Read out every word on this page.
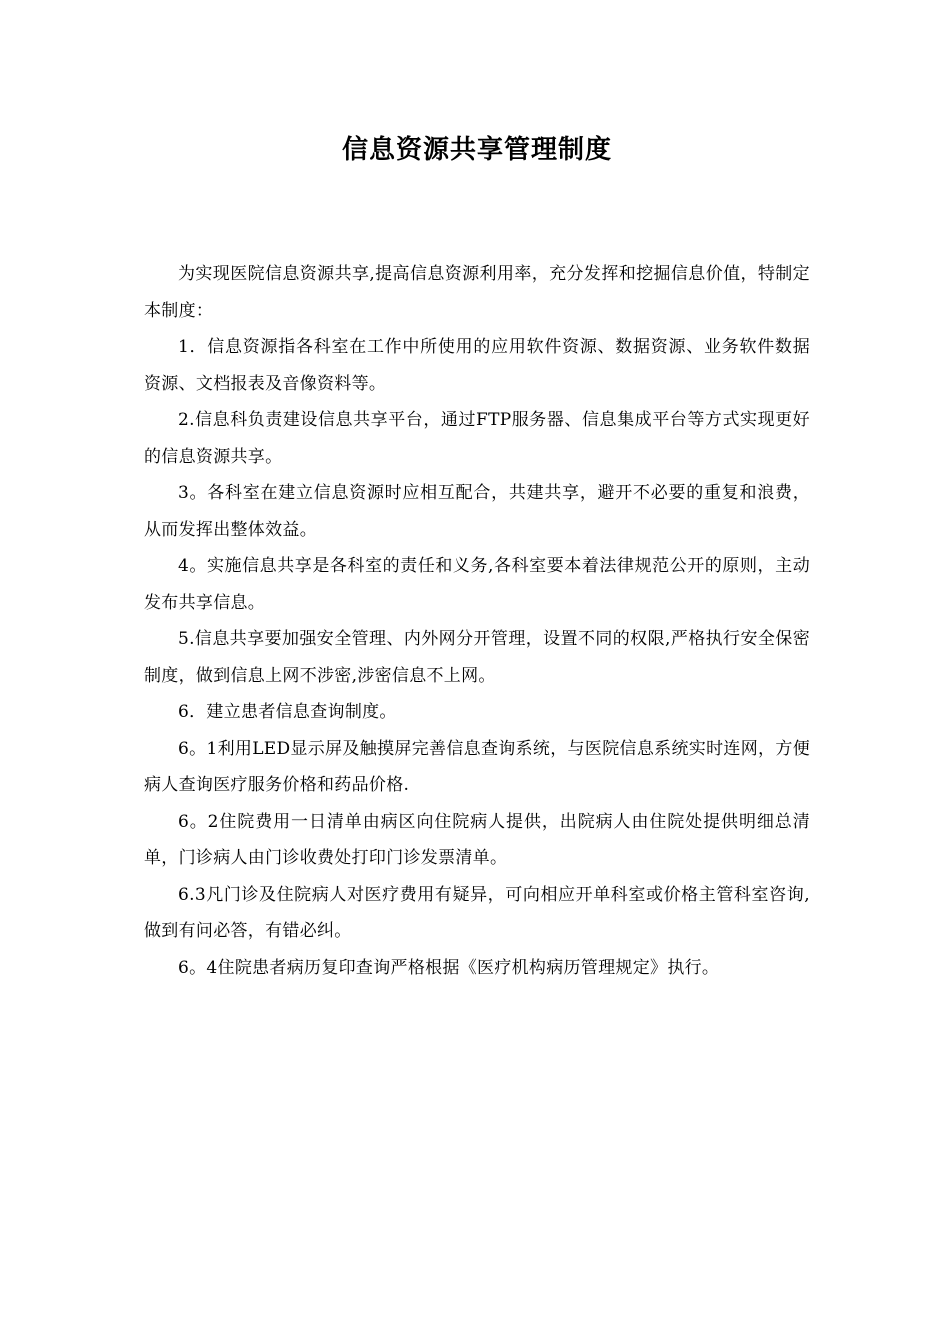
信息资源共享管理制度

为实现医院信息资源共享,提高信息资源利用率，充分发挥和挖掘信息价值，特制定本制度：

1．信息资源指各科室在工作中所使用的应用软件资源、数据资源、业务软件数据资源、文档报表及音像资料等。

2.信息科负责建设信息共享平台，通过FTP服务器、信息集成平台等方式实现更好的信息资源共享。

3。各科室在建立信息资源时应相互配合，共建共享，避开不必要的重复和浪费，从而发挥出整体效益。

4。实施信息共享是各科室的责任和义务,各科室要本着法律规范公开的原则，主动发布共享信息。

5.信息共享要加强安全管理、内外网分开管理，设置不同的权限,严格执行安全保密制度，做到信息上网不涉密,涉密信息不上网。

6．建立患者信息查询制度。

6。1利用LED显示屏及触摸屏完善信息查询系统，与医院信息系统实时连网，方便病人查询医疗服务价格和药品价格.

6。2住院费用一日清单由病区向住院病人提供，出院病人由住院处提供明细总清单，门诊病人由门诊收费处打印门诊发票清单。

6.3凡门诊及住院病人对医疗费用有疑异，可向相应开单科室或价格主管科室咨询,做到有问必答，有错必纠。

6。4住院患者病历复印查询严格根据《医疗机构病历管理规定》执行。
